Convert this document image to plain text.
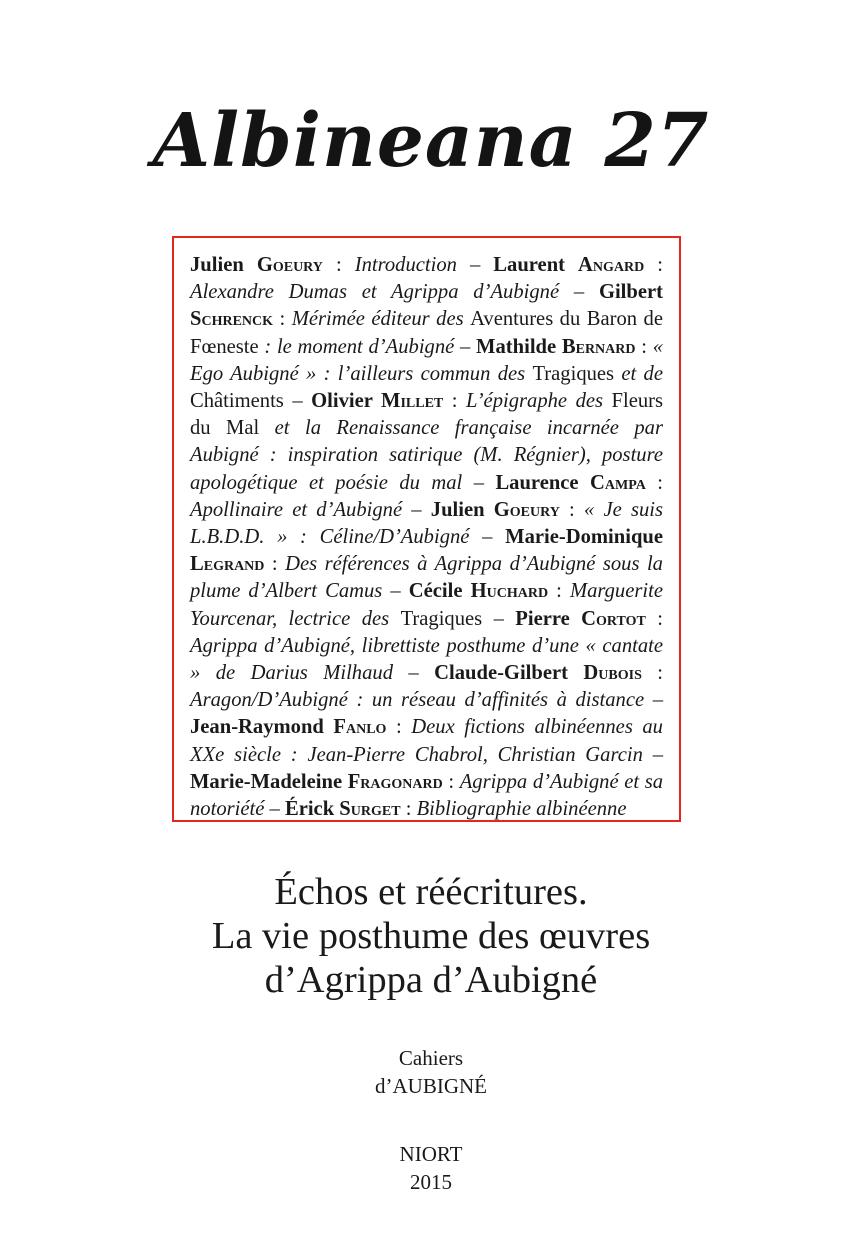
Albineana 27
Julien Goeury : Introduction – Laurent Angard : Alexandre Dumas et Agrippa d’Aubigné – Gilbert Schrenck : Mérimée éditeur des Aventures du Baron de Fœneste : le moment d’Aubigné – Mathilde Bernard : « Ego Aubigné » : l’ailleurs commun des Tragiques et de Châtiments – Olivier Millet : L’épigraphe des Fleurs du Mal et la Renaissance française incarnée par Aubigné : inspiration satirique (M. Régnier), posture apologétique et poésie du mal – Laurence Campa : Apollinaire et d’Aubigné – Julien Goeury : « Je suis L.B.D.D. » : Céline/D’Aubigné – Marie-Dominique Legrand : Des références à Agrippa d’Aubigné sous la plume d’Albert Camus – Cécile Huchard : Marguerite Yourcenar, lectrice des Tragiques – Pierre Cortot : Agrippa d’Aubigné, librettiste posthume d’une « cantate » de Darius Milhaud – Claude-Gilbert Dubois : Aragon/D’Aubigné : un réseau d’affinités à distance – Jean-Raymond Fanlo : Deux fictions albinéennes au XXe siècle : Jean-Pierre Chabrol, Christian Garcin – Marie-Madeleine Fragonard : Agrippa d’Aubigné et sa notoriété – Érick Surget : Bibliographie albinéenne
Échos et réécritures.
La vie posthume des œuvres
d’Agrippa d’Aubigné
Cahiers
d’AUBIGNÉ
NIORT
2015
